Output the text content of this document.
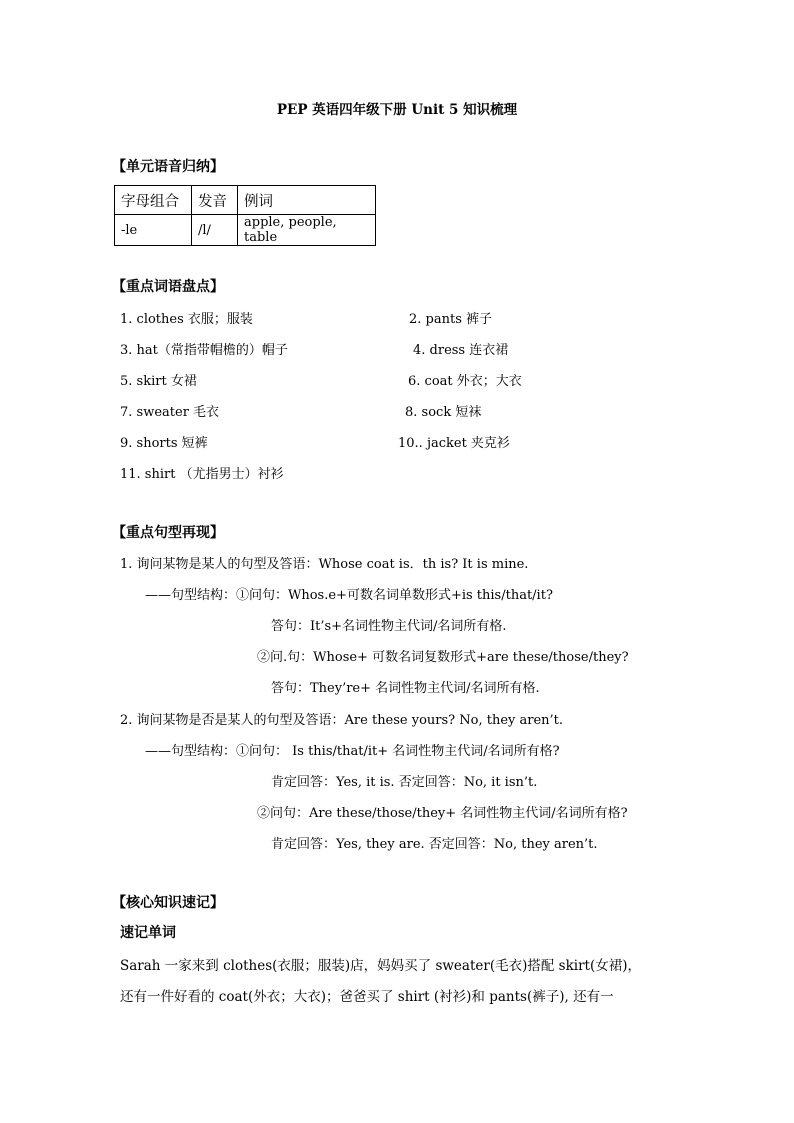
PEP 英语四年级下册 Unit 5 知识梳理
【单元语音归纳】
字母组合	发音	例词
-le	/l/	apple, people, table
【重点词语盘点】
1. clothes 衣服；服装	2. pants 裤子
3. hat（常指带帽檐的）帽子	4. dress 连衣裙
5. skirt 女裙	6. coat 外衣；大衣
7. sweater 毛衣	8. sock 短袜
9. shorts 短裤	10.. jacket 夹克衫
11. shirt （尤指男士）衬衫
【重点句型再现】
1. 询问某物是某人的句型及答语：Whose coat is．th is? It is mine.
——句型结构：①问句：Whos.e+可数名词单数形式+is this/that/it?
答句：It’s+名词性物主代词/名词所有格.
②问.句：Whose+ 可数名词复数形式+are these/those/they?
答句：They’re+ 名词性物主代词/名词所有格.
2. 询问某物是否是某人的句型及答语：Are these yours? No, they aren’t.
——句型结构：①问句： Is this/that/it+ 名词性物主代词/名词所有格?
肯定回答：Yes, it is. 否定回答：No, it isn’t.
②问句：Are these/those/they+ 名词性物主代词/名词所有格?
肯定回答：Yes, they are. 否定回答：No, they aren’t.
【核心知识速记】
速记单词
Sarah 一家来到 clothes(衣服；服装)店，妈妈买了 sweater(毛衣)搭配 skirt(女裙)，
还有一件好看的 coat(外衣；大衣)；爸爸买了 shirt (衬衫)和 pants(裤子), 还有一
